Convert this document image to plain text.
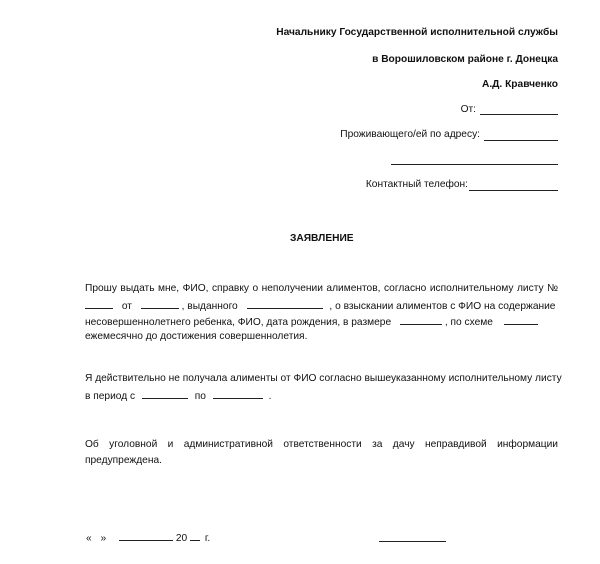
Начальнику Государственной исполнительной службы
в Ворошиловском районе г. Донецка
А.Д. Кравченко
От:
Проживающего/ей по адресу:
Контактный телефон:
ЗАЯВЛЕНИЕ
Прошу выдать мне, ФИО, справку о неполучении алиментов, согласно исполнительному листу №
от	, выданного	, о взыскании алиментов с ФИО на содержание
несовершеннолетнего ребенка, ФИО, дата рождения, в размере	, по схеме
ежемесячно до достижения совершеннолетия.
Я действительно не получала алименты от ФИО согласно вышеуказанному исполнительному листу
в период с	по	.
Об уголовной и административной ответственности за дачу неправдивой информации
предупреждена.
« »	20 г.
